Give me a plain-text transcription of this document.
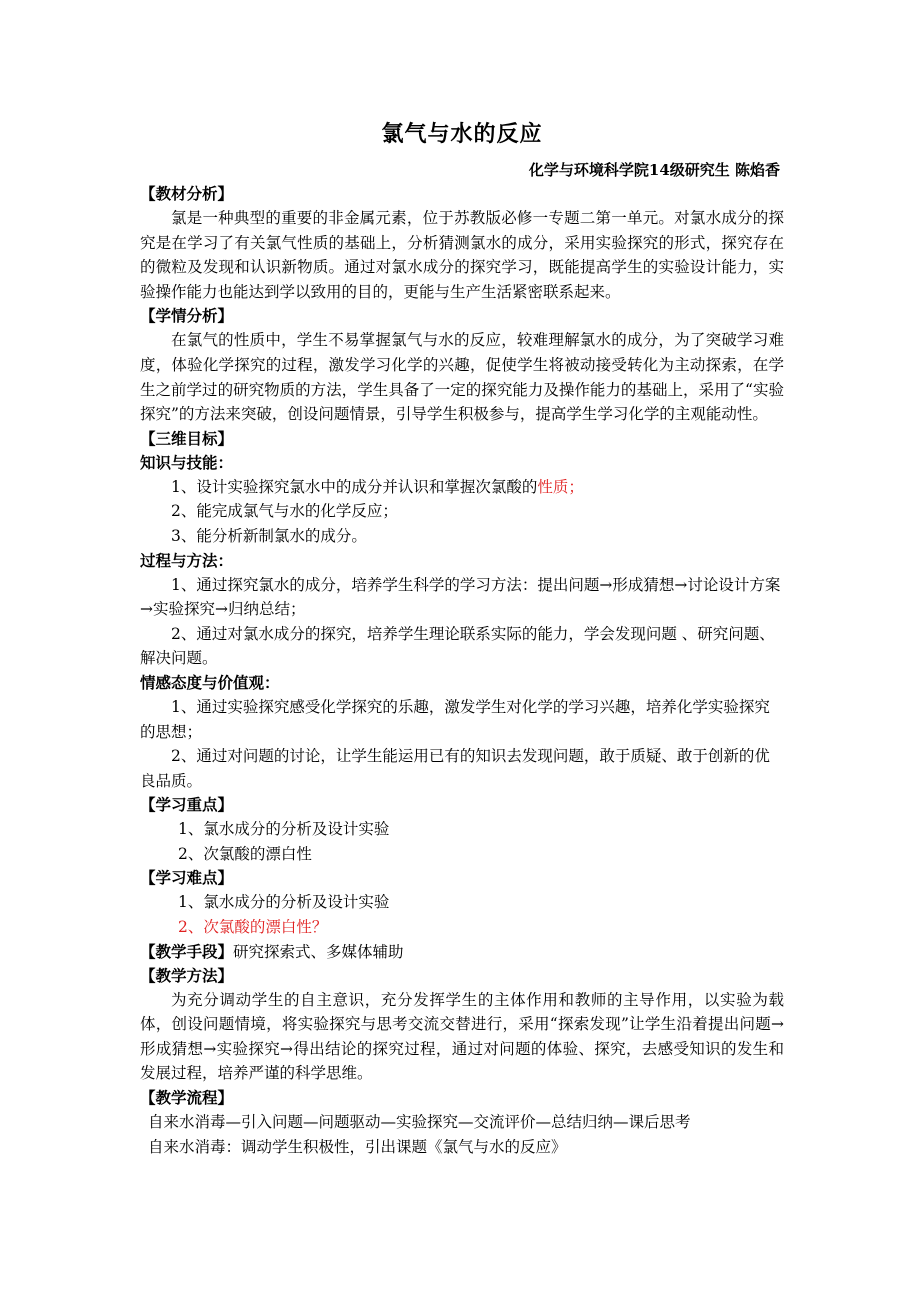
氯气与水的反应
化学与环境科学院14级研究生 陈焰香
【教材分析】
氯是一种典型的重要的非金属元素，位于苏教版必修一专题二第一单元。对氯水成分的探究是在学习了有关氯气性质的基础上，分析猜测氯水的成分，采用实验探究的形式，探究存在的微粒及发现和认识新物质。通过对氯水成分的探究学习，既能提高学生的实验设计能力，实验操作能力也能达到学以致用的目的，更能与生产生活紧密联系起来。
【学情分析】
在氯气的性质中，学生不易掌握氯气与水的反应，较难理解氯水的成分，为了突破学习难度，体验化学探究的过程，激发学习化学的兴趣，促使学生将被动接受转化为主动探索，在学生之前学过的研究物质的方法，学生具备了一定的探究能力及操作能力的基础上，采用了“实验探究”的方法来突破，创设问题情景，引导学生积极参与，提高学生学习化学的主观能动性。
【三维目标】
知识与技能：
1、设计实验探究氯水中的成分并认识和掌握次氯酸的性质；
2、能完成氯气与水的化学反应；
3、能分析新制氯水的成分。
过程与方法：
1、通过探究氯水的成分，培养学生科学的学习方法：提出问题→形成猜想→讨论设计方案 →实验探究→归纳总结；
2、通过对氯水成分的探究，培养学生理论联系实际的能力，学会发现问题 、研究问题、解决问题。
情感态度与价值观：
1、通过实验探究感受化学探究的乐趣，激发学生对化学的学习兴趣，培养化学实验探究的思想；
2、通过对问题的讨论，让学生能运用已有的知识去发现问题，敢于质疑、敢于创新的优良品质。
【学习重点】
1、氯水成分的分析及设计实验
2、次氯酸的漂白性
【学习难点】
1、氯水成分的分析及设计实验
2、次氯酸的漂白性？
【教学手段】研究探索式、多媒体辅助
【教学方法】
为充分调动学生的自主意识，充分发挥学生的主体作用和教师的主导作用，以实验为载体，创设问题情境，将实验探究与思考交流交替进行，采用“探索发现”让学生沿着提出问题→形成猜想→实验探究→得出结论的探究过程，通过对问题的体验、探究，去感受知识的发生和发展过程，培养严谨的科学思维。
【教学流程】
自来水消毒—引入问题—问题驱动—实验探究—交流评价—总结归纳—课后思考
自来水消毒：调动学生积极性，引出课题《氯气与水的反应》
